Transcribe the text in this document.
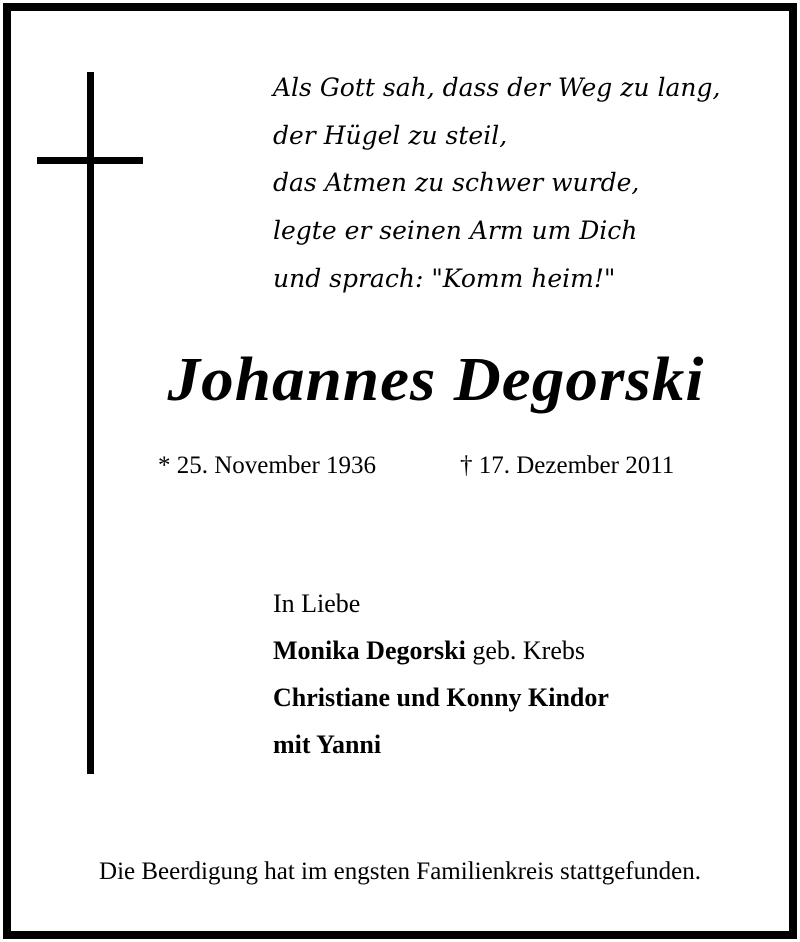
Als Gott sah, dass der Weg zu lang,
der Hügel zu steil,
das Atmen zu schwer wurde,
legte er seinen Arm um Dich
und sprach: "Komm heim!"
Johannes Degorski
* 25. November 1936	† 17. Dezember 2011
In Liebe
Monika Degorski geb. Krebs
Christiane und Konny Kindor
mit Yanni
Die Beerdigung hat im engsten Familienkreis stattgefunden.
